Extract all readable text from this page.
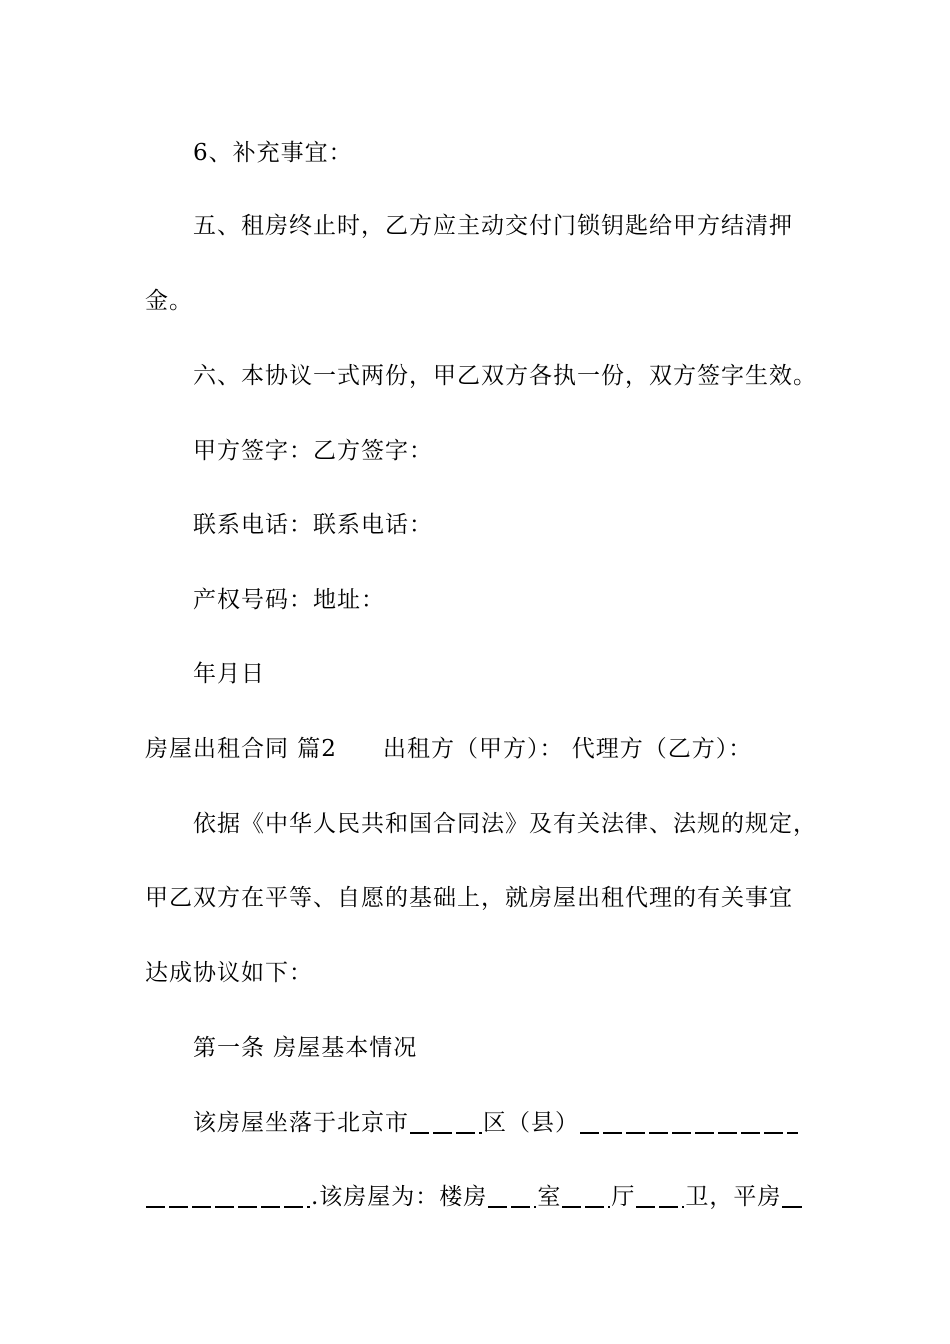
6、补充事宜：
五、租房终止时，乙方应主动交付门锁钥匙给甲方结清押
金。
六、本协议一式两份，甲乙双方各执一份，双方签字生效。
甲方签字：乙方签字：
联系电话：联系电话：
产权号码：地址：
年月日
房屋出租合同 篇2 出租方（甲方）： 代理方（乙方）：
依据《中华人民共和国合同法》及有关法律、法规的规定，
甲乙双方在平等、自愿的基础上，就房屋出租代理的有关事宜
达成协议如下：
第一条 房屋基本情况
该房屋坐落于北京市	区（县）
.该房屋为：楼房 室 厅 卫，平房
